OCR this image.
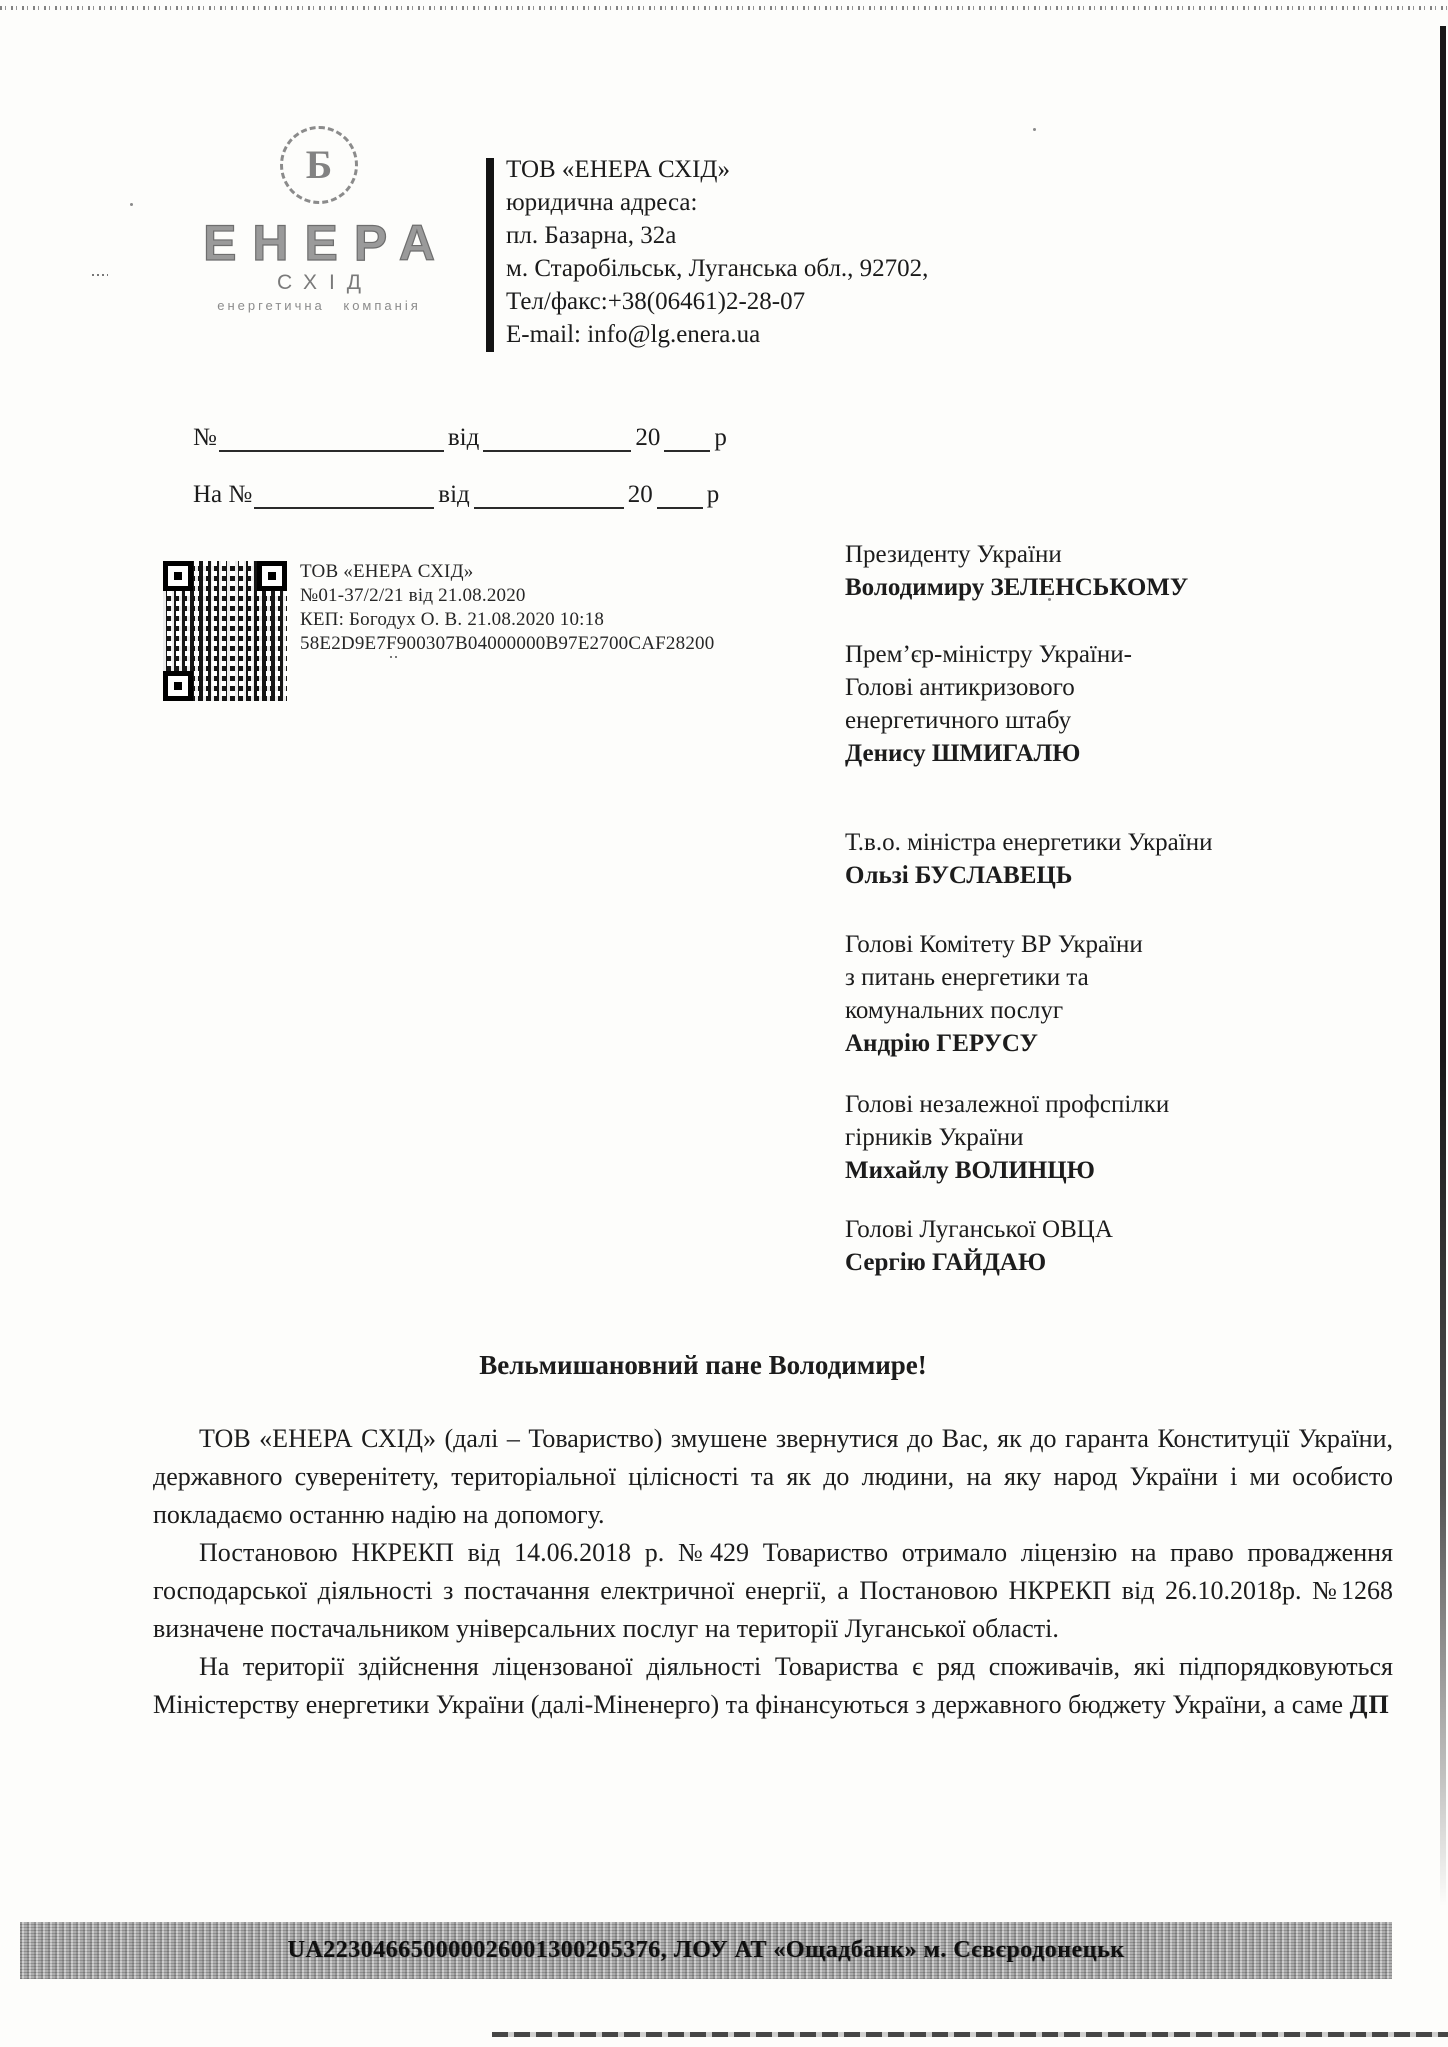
Б
ЕНЕРА
СХІД
енергетична компанія
ТОВ «ЕНЕРА СХІД»
юридична адреса:
пл. Базарна, 32а
м. Старобільськ, Луганська обл., 92702,
Тел/факс:+38(06461)2-28-07
E-mail: info@lg.enera.ua
№	від	20 р
На №	від	20 р
ТОВ «ЕНЕРА СХІД»
№01-37/2/21 від 21.08.2020
КЕП: Богодух О. В. 21.08.2020 10:18
58E2D9E7F900307B04000000B97E2700CAF28200
Президенту України
Володимиру ЗЕЛЕНСЬКОМУ
Прем’єр-міністру України-
Голові антикризового
енергетичного штабу
Денису ШМИГАЛЮ
Т.в.о. міністра енергетики України
Ользі БУСЛАВЕЦЬ
Голові Комітету ВР України
з питань енергетики та
комунальних послуг
Андрію ГЕРУСУ
Голові незалежної профспілки
гірників України
Михайлу ВОЛИНЦЮ
Голові Луганської ОВЦА
Сергію ГАЙДАЮ
Вельмишановний пане Володимире!

ТОВ «ЕНЕРА СХІД» (далі – Товариство) змушене звернутися до Вас, як до гаранта Конституції України, державного суверенітету, територіальної цілісності та як до людини, на яку народ України і ми особисто покладаємо останню надію на допомогу.

Постановою НКРЕКП від 14.06.2018 р. №429 Товариство отримало ліцензію на право провадження господарської діяльності з постачання електричної енергії, а Постановою НКРЕКП від 26.10.2018р. №1268 визначене постачальником універсальних послуг на території Луганської області.

На території здійснення ліцензованої діяльності Товариства є ряд споживачів, які підпорядковуються Міністерству енергетики України (далі-Міненерго) та фінансуються з державного бюджету України, а саме ДП

UA223046650000026001300205376, ЛОУ АТ «Ощадбанк» м. Сєвєродонецьк
